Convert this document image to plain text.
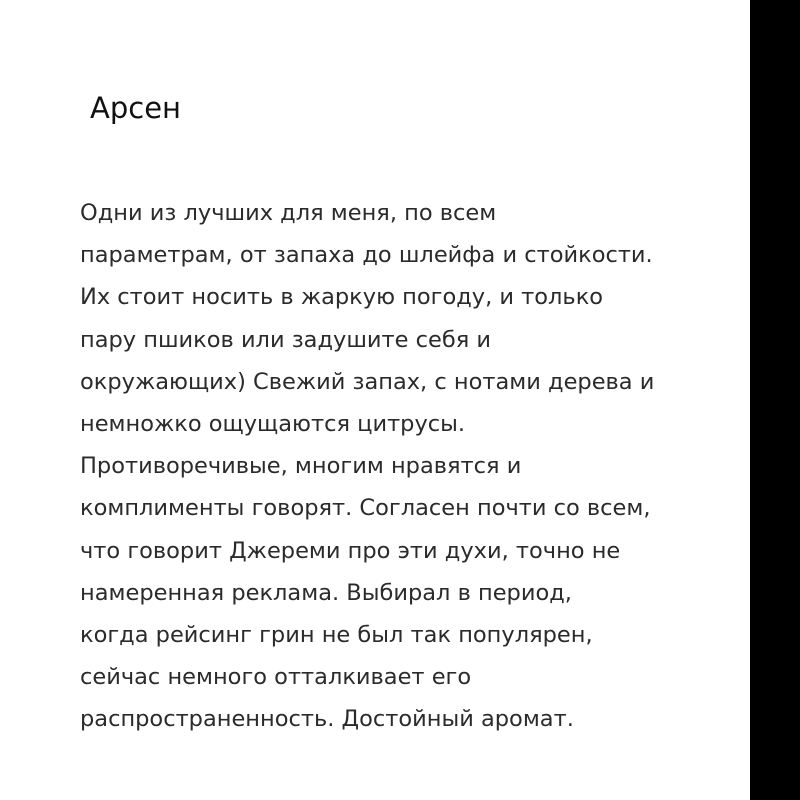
Арсен
Одни из лучших для меня, по всем
параметрам, от запаха до шлейфа и стойкости.
Их стоит носить в жаркую погоду, и только
пару пшиков или задушите себя и
окружающих) Свежий запах, с нотами дерева и
немножко ощущаются цитрусы.
Противоречивые, многим нравятся и
комплименты говорят. Согласен почти со всем,
что говорит Джереми про эти духи, точно не
намеренная реклама. Выбирал в период,
когда рейсинг грин не был так популярен,
сейчас немного отталкивает его
распространенность. Достойный аромат.
